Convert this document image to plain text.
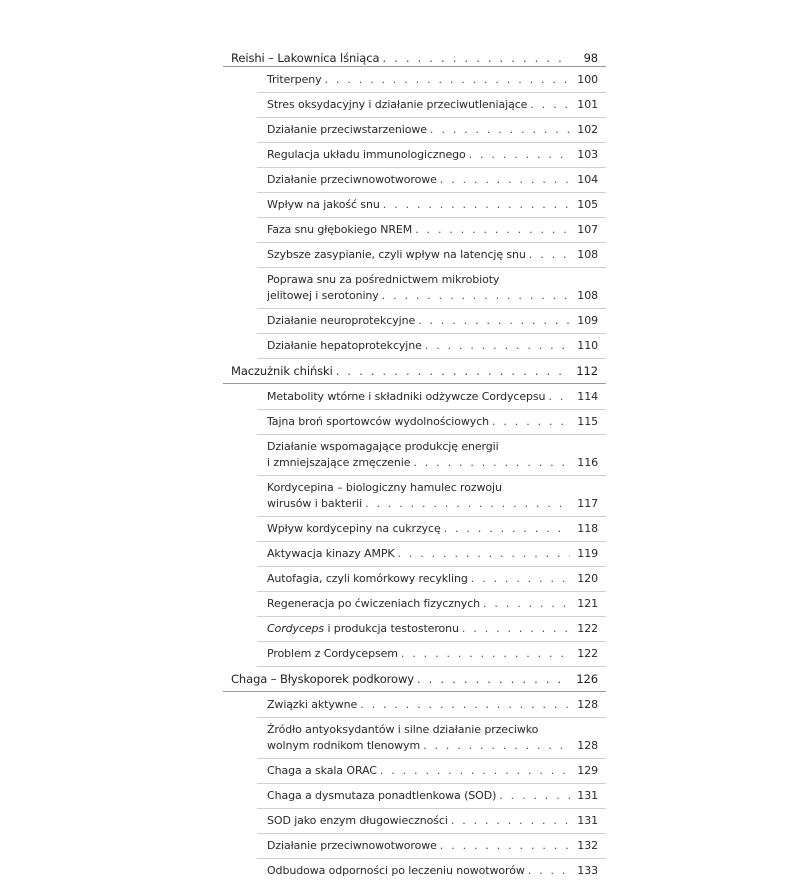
Reishi – Lakownica lśniąca . . .	98
Triterpeny . . .	100
Stres oksydacyjny i działanie przeciwutleniające . . .	101
Działanie przeciwstarzeniowe . . .	102
Regulacja układu immunologicznego . . .	103
Działanie przeciwnowotworowe . . .	104
Wpływ na jakość snu . . .	105
Faza snu głębokiego NREM . . .	107
Szybsze zasypianie, czyli wpływ na latencję snu . . .	108
Poprawa snu za pośrednictwem mikrobioty
jelitowej i serotoniny . . .	108
Działanie neuroprotekcyjne . . .	109
Działanie hepatoprotekcyjne . . .	110
Maczużnik chiński . . .	112
Metabolity wtórne i składniki odżywcze Cordycepsu . . .	114
Tajna broń sportowców wydolnościowych . . .	115
Działanie wspomagające produkcję energii
i zmniejszające zmęczenie . . .	116
Kordycepina – biologiczny hamulec rozwoju
wirusów i bakterii . . .	117
Wpływ kordycepiny na cukrzycę . . .	118
Aktywacja kinazy AMPK . . .	119
Autofagia, czyli komórkowy recykling . . .	120
Regeneracja po ćwiczeniach fizycznych . . .	121
Cordyceps i produkcja testosteronu . . .	122
Problem z Cordycepsem . . .	122
Chaga – Błyskoporek podkorowy . . .	126
Związki aktywne . . .	128
Źródło antyoksydantów i silne działanie przeciwko
wolnym rodnikom tlenowym . . .	128
Chaga a skala ORAC . . .	129
Chaga a dysmutaza ponadtlenkowa (SOD) . . .	131
SOD jako enzym długowieczności . . .	131
Działanie przeciwnowotworowe . . .	132
Odbudowa odporności po leczeniu nowotworów . . .	133
